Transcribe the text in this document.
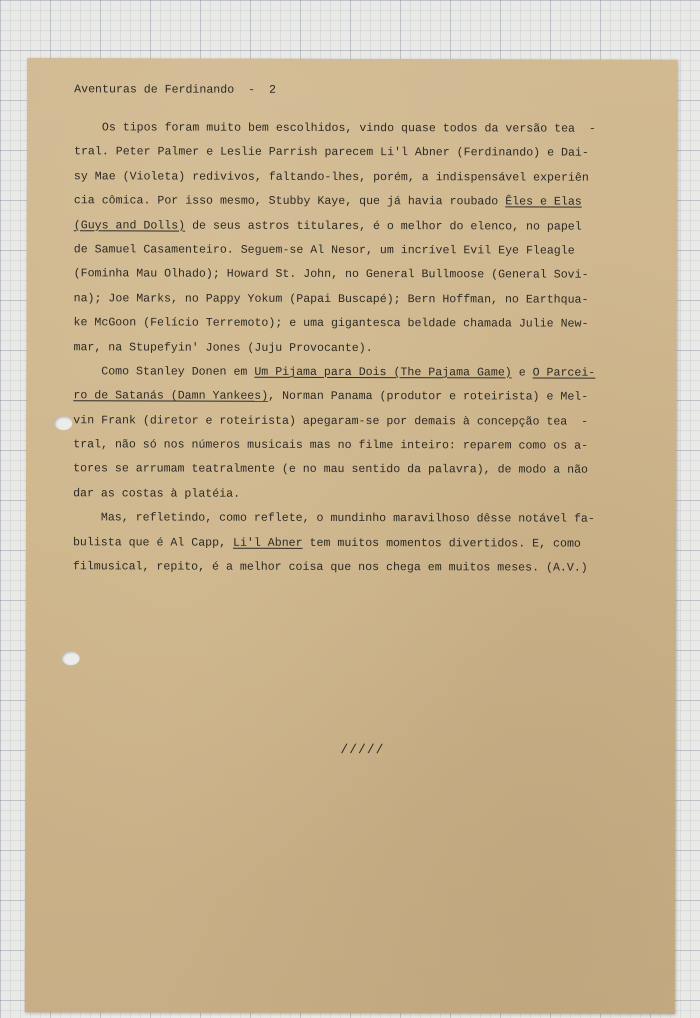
Aventuras de Ferdinando  -  2
Os tipos foram muito bem escolhidos, vindo quase todos da versão tea  -
tral. Peter Palmer e Leslie Parrish parecem Li'l Abner (Ferdinando) e Dai-
sy Mae (Violeta) redivivos, faltando-lhes, porém, a indispensável experiên
cia cômica. Por isso mesmo, Stubby Kaye, que já havia roubado Êles e Elas
(Guys and Dolls) de seus astros titulares, é o melhor do elenco, no papel
de Samuel Casamenteiro. Seguem-se Al Nesor, um incrível Evil Eye Fleagle
(Fominha Mau Olhado); Howard St. John, no General Bullmoose (General Sovi-
na); Joe Marks, no Pappy Yokum (Papai Buscapé); Bern Hoffman, no Earthqua-
ke McGoon (Felício Terremoto); e uma gigantesca beldade chamada Julie New-
mar, na Stupefyin' Jones (Juju Provocante).
Como Stanley Donen em Um Pijama para Dois (The Pajama Game) e O Parcei-
ro de Satanás (Damn Yankees), Norman Panama (produtor e roteirista) e Mel-
vin Frank (diretor e roteirista) apegaram-se por demais à concepção tea  -
tral, não só nos números musicais mas no filme inteiro: reparem como os a-
tores se arrumam teatralmente (e no mau sentido da palavra), de modo a não
dar as costas à platéia.
Mas, refletindo, como reflete, o mundinho maravilhoso dêsse notável fa-
bulista que é Al Capp, Li'l Abner tem muitos momentos divertidos. E, como
filmusical, repito, é a melhor coisa que nos chega em muitos meses. (A.V.)
/////
